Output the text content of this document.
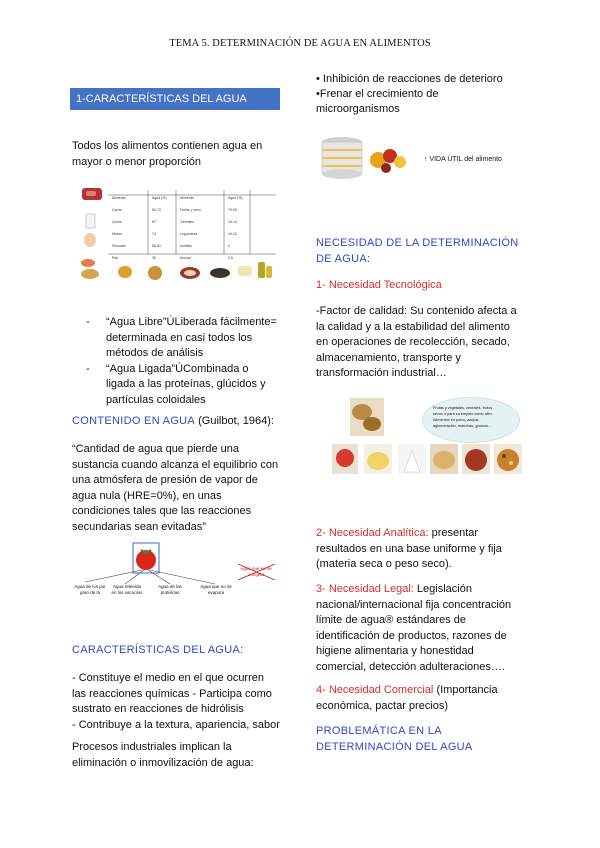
TEMA 5. DETERMINACIÓN DE AGUA EN ALIMENTOS
1-CARACTERÍSTICAS DEL AGUA
Todos los alimentos contienen agua en
mayor o menor proporción
Alimento	Agua (%)	Alimento	Agua (%)
Carne	50-70	Frutas y verd.	70-95
Leche	87	Cereales	10-14
Huevo	74	Legumbres	10-12
Pescado	65-81	Aceites	0
Pan	35	Azúcar	0,5
- “Agua Libre”ÚLiberada fácilmente=
determinada en casi todos los
métodos de análisis
- “Agua Ligada”ÚCombinada o
ligada a las proteínas, glúcidos y
partículas coloidales
CONTENIDO EN AGUA (Guilbot, 1964):
“Cantidad de agua que pierde una
sustancia cuando alcanza el equilibrio con
una atmósfera de presión de vapor de
agua nula (HRE=0%), en unas
condiciones tales que las reacciones
secundarias sean evitadas”
Agua de los por gran de la
Agua retenida en los vacuolos
Agua de las proteínas
Agua que no se evapora
Agua que no se congela
CARACTERÍSTICAS DEL AGUA:
- Constituye el medio en el que ocurren
las reacciones químicas - Participa como
sustrato en reacciones de hidrólisis
- Contribuye a la textura, apariencia, sabor
Procesos industriales implican la
eliminación o inmovilización de agua:
• Inhibición de reacciones de deterioro
•Frenar el crecimiento de
microorganismos
↑ VIDA ÚTIL del alimento
NECESIDAD DE LA DETERMINACIÓN
DE AGUA:
1- Necesidad Tecnológica
-Factor de calidad: Su contenido afecta a
la calidad y a la estabilidad del alimento
en operaciones de recolección, secado,
almacenamiento, transporte y
transformación industrial…
Frutas y vegetales, cereales, frutos
secos o para su empleo como alim.
Alimentos en polvo, azúcar,
aglomeración, manchas, grumos…
2- Necesidad Analítica: presentar
resultados en una base uniforme y fija
(materia seca o peso seco).
3- Necesidad Legal: Legislación
nacional/internacional fija concentración
límite de agua® estándares de
identificación de productos, razones de
higiene alimentaria y honestidad
comercial, detección adulteraciones….
4- Necesidad Comercial (Importancia
económica, pactar precios)
PROBLEMÁTICA EN LA
DETERMINACIÓN DEL AGUA
